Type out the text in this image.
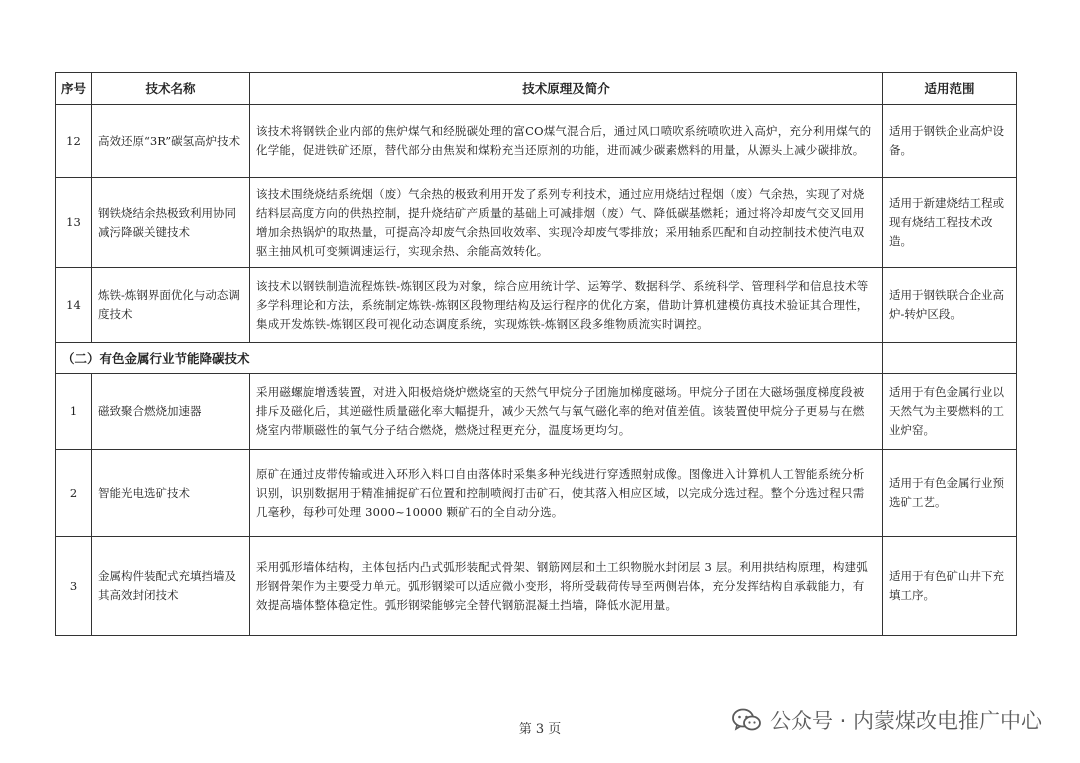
序号	技术名称	技术原理及简介	适用范围
12	高效还原“3R”碳氢高炉技术	该技术将钢铁企业内部的焦炉煤气和经脱碳处理的富CO煤气混合后，通过风口喷吹系统喷吹进入高炉，充分利用煤气的化学能，促进铁矿还原，替代部分由焦炭和煤粉充当还原剂的功能，进而减少碳素燃料的用量，从源头上减少碳排放。	适用于钢铁企业高炉设备。
13	钢铁烧结余热极致利用协同减污降碳关键技术	该技术围绕烧结系统烟（废）气余热的极致利用开发了系列专利技术，通过应用烧结过程烟（废）气余热，实现了对烧结料层高度方向的供热控制，提升烧结矿产质量的基础上可减排烟（废）气、降低碳基燃耗；通过将冷却废气交叉回用增加余热锅炉的取热量，可提高冷却废气余热回收效率、实现冷却废气零排放；采用轴系匹配和自动控制技术使汽电双驱主抽风机可变频调速运行，实现余热、余能高效转化。	适用于新建烧结工程或现有烧结工程技术改造。
14	炼铁-炼钢界面优化与动态调度技术	该技术以钢铁制造流程炼铁-炼钢区段为对象，综合应用统计学、运筹学、数据科学、系统科学、管理科学和信息技术等多学科理论和方法，系统制定炼铁-炼钢区段物理结构及运行程序的优化方案，借助计算机建模仿真技术验证其合理性，集成开发炼铁-炼钢区段可视化动态调度系统，实现炼铁-炼钢区段多维物质流实时调控。	适用于钢铁联合企业高炉-转炉区段。
（二）有色金属行业节能降碳技术			
1	磁致聚合燃烧加速器	采用磁螺旋增透装置，对进入阳极焙烧炉燃烧室的天然气甲烷分子团施加梯度磁场。甲烷分子团在大磁场强度梯度段被排斥及磁化后，其逆磁性质量磁化率大幅提升，减少天然气与氧气磁化率的绝对值差值。该装置使甲烷分子更易与在燃烧室内带顺磁性的氧气分子结合燃烧，燃烧过程更充分，温度场更均匀。	适用于有色金属行业以天然气为主要燃料的工业炉窑。
2	智能光电选矿技术	原矿在通过皮带传输或进入环形入料口自由落体时采集多种光线进行穿透照射成像。图像进入计算机人工智能系统分析识别，识别数据用于精准捕捉矿石位置和控制喷阀打击矿石，使其落入相应区域，以完成分选过程。整个分选过程只需几毫秒，每秒可处理 3000~10000 颗矿石的全自动分选。	适用于有色金属行业预选矿工艺。
3	金属构件装配式充填挡墙及其高效封闭技术	采用弧形墙体结构，主体包括内凸式弧形装配式骨架、钢筋网层和土工织物脱水封闭层 3 层。利用拱结构原理，构建弧形钢骨架作为主要受力单元。弧形钢梁可以适应微小变形，将所受载荷传导至两侧岩体，充分发挥结构自承载能力，有效提高墙体整体稳定性。弧形钢梁能够完全替代钢筋混凝土挡墙，降低水泥用量。	适用于有色矿山井下充填工序。
第 3 页	公众号 · 内蒙煤改电推广中心
